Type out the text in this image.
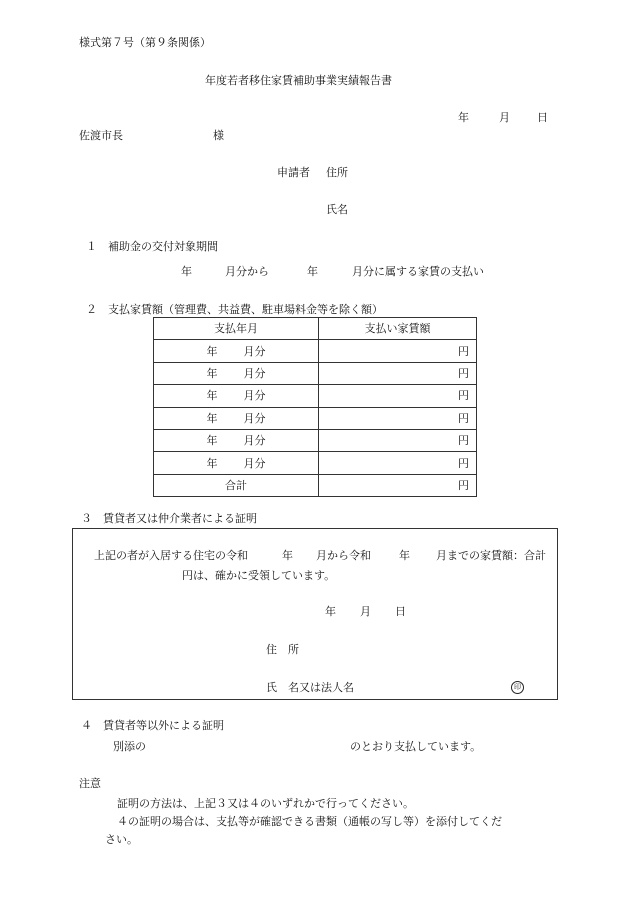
様式第７号（第９条関係）
年度若者移住家賃補助事業実績報告書
年	月 日
佐渡市長	様
申請者 住所
氏名
１　補助金の交付対象期間
年	月分から	年	月分に属する家賃の支払い
２　支払家賃額（管理費、共益費、駐車場料金等を除く額）
支払年月	支払い家賃額

年 月分	円

年 月分	円

年 月分	円

年 月分	円

年 月分	円

年 月分	円
合計	円
３　賃貸者又は仲介業者による証明
上記の者が入居する住宅の令和	年 月から令和	年 月までの家賃額：合計
円は、確かに受領しています。
年 月 日
住　所
氏　名又は法人名	印
４　賃貸者等以外による証明
別添の	のとおり支払しています。
注意
証明の方法は、上記３又は４のいずれかで行ってください。
４の証明の場合は、支払等が確認できる書類（通帳の写し等）を添付してくだ
さい。
